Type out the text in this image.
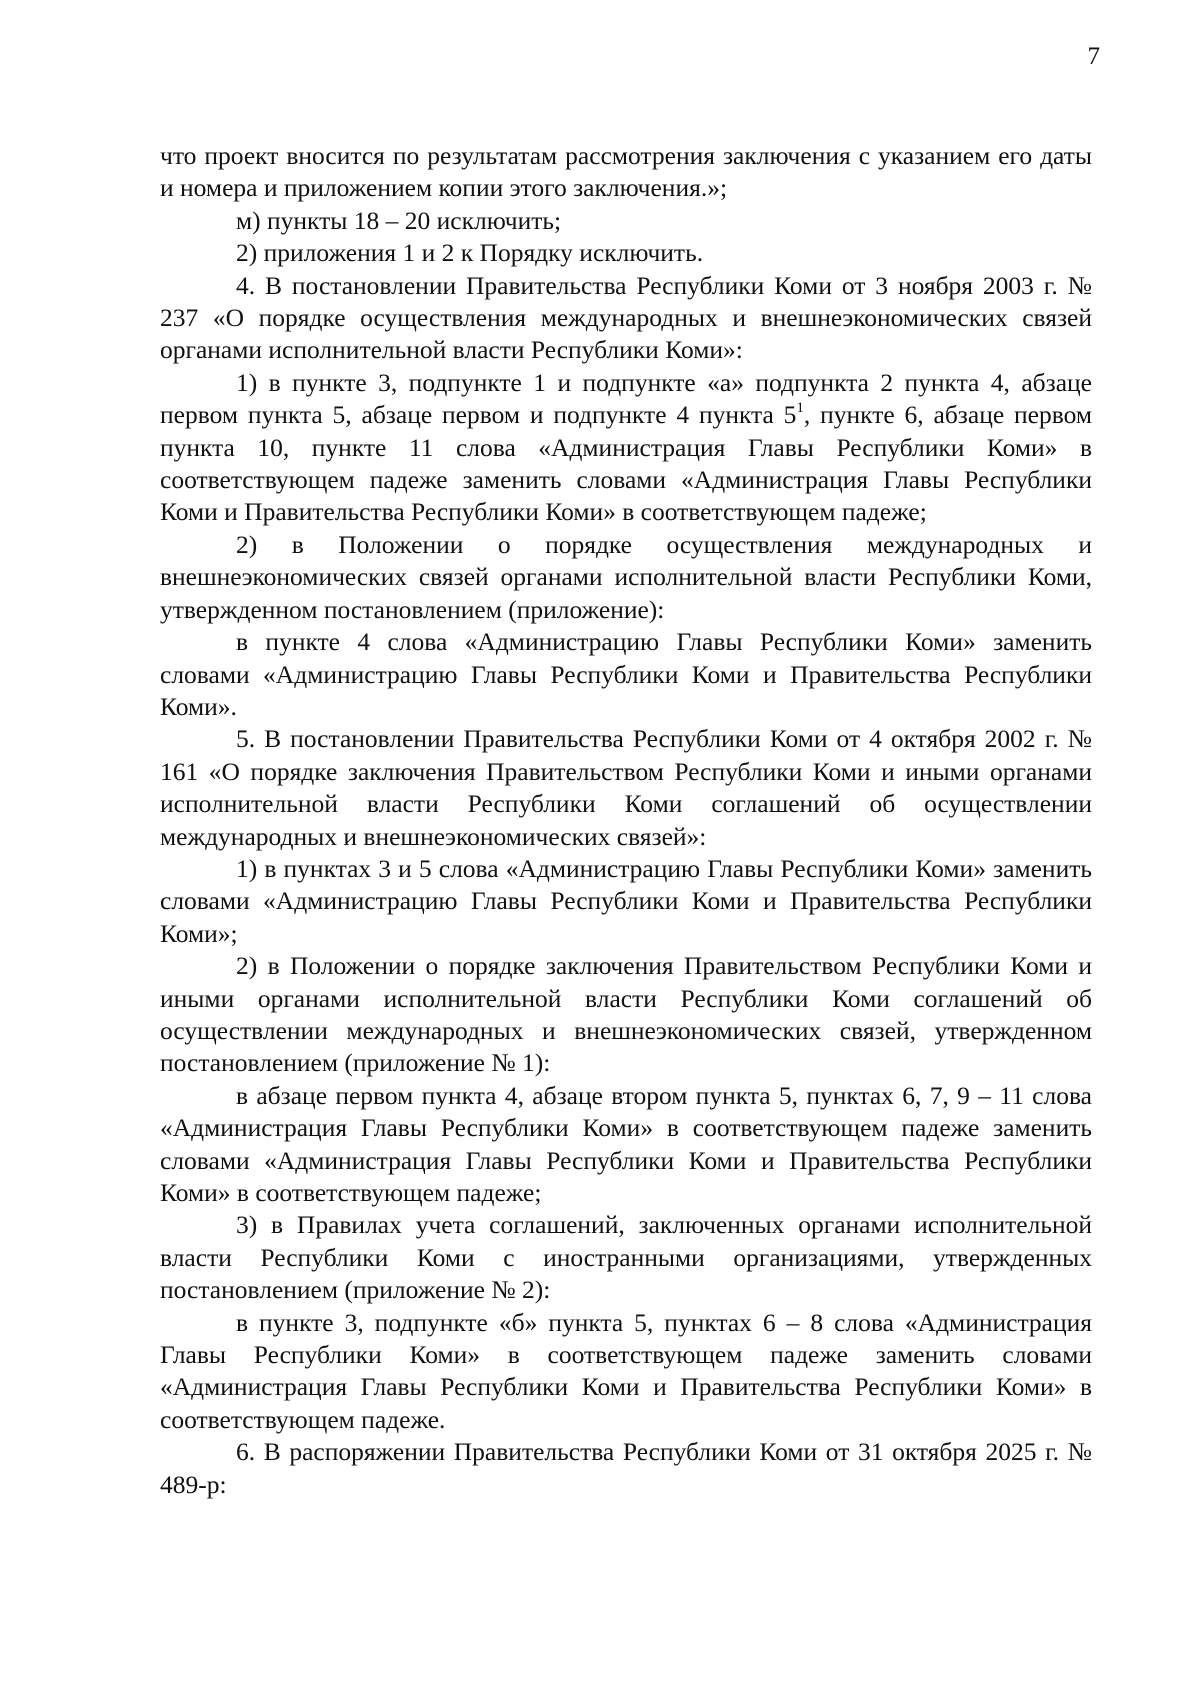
7

что проект вносится по результатам рассмотрения заключения с указанием его даты и номера и приложением копии этого заключения.»;

м) пункты 18 – 20 исключить;

2) приложения 1 и 2 к Порядку исключить.

4. В постановлении Правительства Республики Коми от 3 ноября 2003 г. № 237 «О порядке осуществления международных и внешнеэкономических связей органами исполнительной власти Республики Коми»:

1) в пункте 3, подпункте 1 и подпункте «а» подпункта 2 пункта 4, абзаце первом пункта 5, абзаце первом и подпункте 4 пункта $5^1$, пункте 6, абзаце первом пункта 10, пункте 11 слова «Администрация Главы Республики Коми» в соответствующем падеже заменить словами «Администрация Главы Республики Коми и Правительства Республики Коми» в соответствующем падеже;

2) в Положении о порядке осуществления международных и внешнеэкономических связей органами исполнительной власти Республики Коми, утвержденном постановлением (приложение):

в пункте 4 слова «Администрацию Главы Республики Коми» заменить словами «Администрацию Главы Республики Коми и Правительства Республики Коми».

5. В постановлении Правительства Республики Коми от 4 октября 2002 г. № 161 «О порядке заключения Правительством Республики Коми и иными органами исполнительной власти Республики Коми соглашений об осуществлении международных и внешнеэкономических связей»:

1) в пунктах 3 и 5 слова «Администрацию Главы Республики Коми» заменить словами «Администрацию Главы Республики Коми и Правительства Республики Коми»;

2) в Положении о порядке заключения Правительством Республики Коми и иными органами исполнительной власти Республики Коми соглашений об осуществлении международных и внешнеэкономических связей, утвержденном постановлением (приложение № 1):

в абзаце первом пункта 4, абзаце втором пункта 5, пунктах 6, 7, 9 – 11 слова «Администрация Главы Республики Коми» в соответствующем падеже заменить словами «Администрация Главы Республики Коми и Правительства Республики Коми» в соответствующем падеже;

3) в Правилах учета соглашений, заключенных органами исполнительной власти Республики Коми с иностранными организациями, утвержденных постановлением (приложение № 2):

в пункте 3, подпункте «б» пункта 5, пунктах 6 – 8 слова «Администрация Главы Республики Коми» в соответствующем падеже заменить словами «Администрация Главы Республики Коми и Правительства Республики Коми» в соответствующем падеже.

6. В распоряжении Правительства Республики Коми от 31 октября 2025 г. № 489-р:
